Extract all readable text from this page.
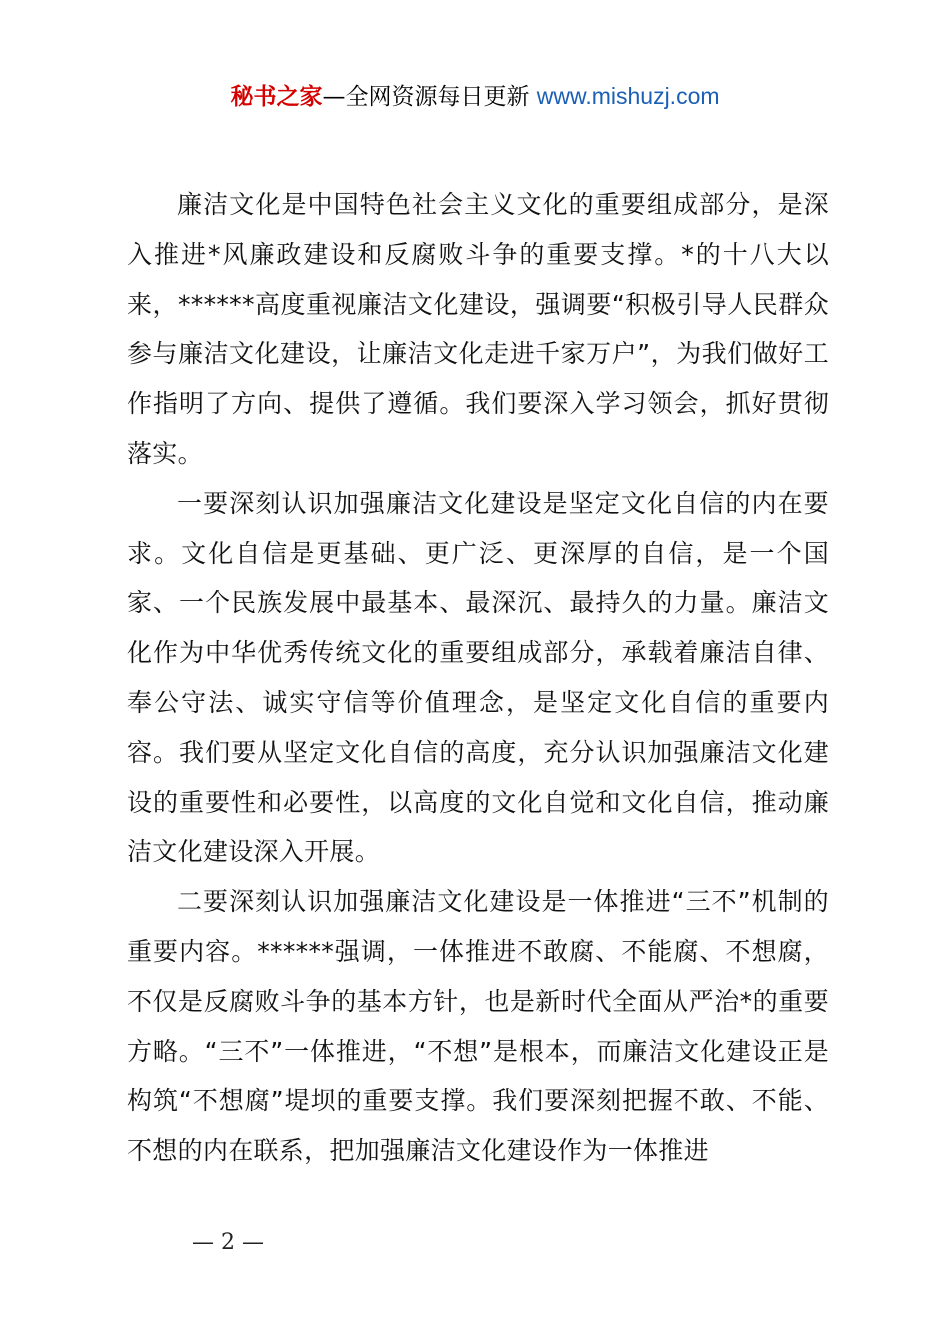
秘书之家—全网资源每日更新 www.mishuzj.com

廉洁文化是中国特色社会主义文化的重要组成部分，是深入推进*风廉政建设和反腐败斗争的重要支撑。*的十八大以来，******高度重视廉洁文化建设，强调要“积极引导人民群众参与廉洁文化建设，让廉洁文化走进千家万户”，为我们做好工作指明了方向、提供了遵循。我们要深入学习领会，抓好贯彻落实。

一要深刻认识加强廉洁文化建设是坚定文化自信的内在要求。文化自信是更基础、更广泛、更深厚的自信，是一个国家、一个民族发展中最基本、最深沉、最持久的力量。廉洁文化作为中华优秀传统文化的重要组成部分，承载着廉洁自律、奉公守法、诚实守信等价值理念，是坚定文化自信的重要内容。我们要从坚定文化自信的高度，充分认识加强廉洁文化建设的重要性和必要性，以高度的文化自觉和文化自信，推动廉洁文化建设深入开展。

二要深刻认识加强廉洁文化建设是一体推进“三不”机制的重要内容。******强调，一体推进不敢腐、不能腐、不想腐，不仅是反腐败斗争的基本方针，也是新时代全面从严治*的重要方略。“三不”一体推进，“不想”是根本，而廉洁文化建设正是构筑“不想腐”堤坝的重要支撑。我们要深刻把握不敢、不能、不想的内在联系，把加强廉洁文化建设作为一体推进

— 2 —
